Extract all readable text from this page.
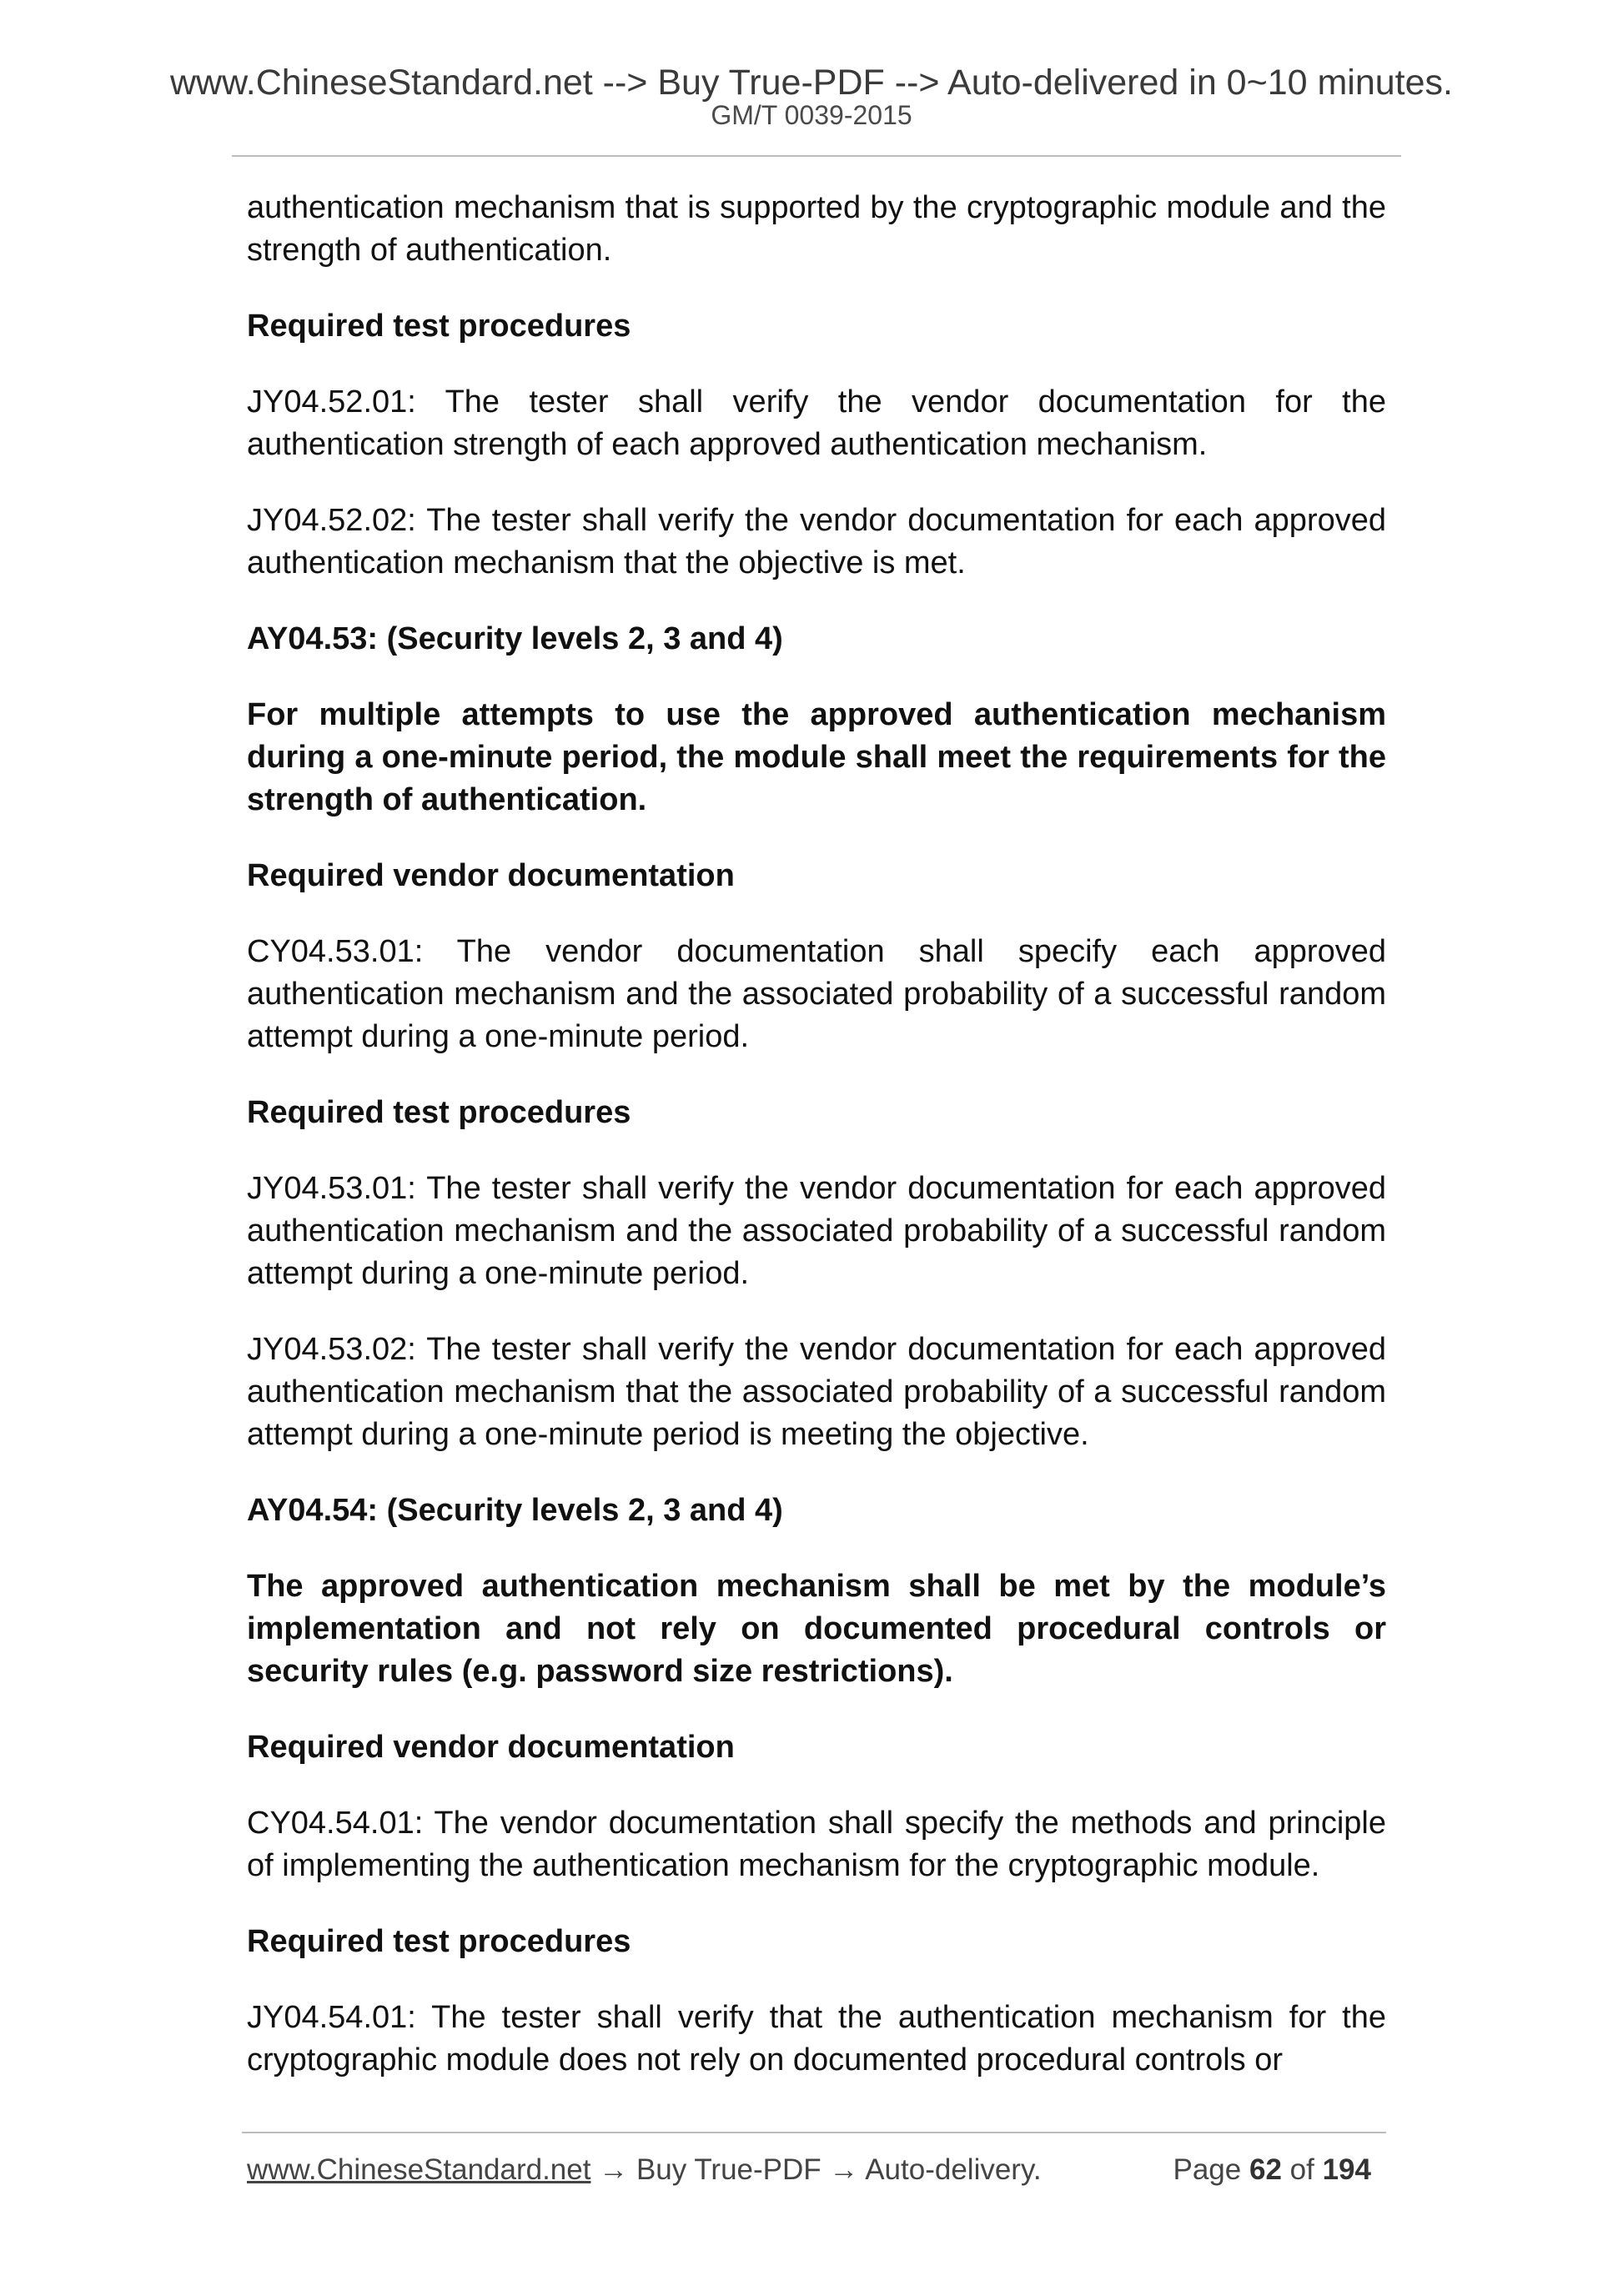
www.ChineseStandard.net --> Buy True-PDF --> Auto-delivered in 0~10 minutes.
GM/T 0039-2015

authentication mechanism that is supported by the cryptographic module and the strength of authentication.

Required test procedures

JY04.52.01: The tester shall verify the vendor documentation for the authentication strength of each approved authentication mechanism.

JY04.52.02: The tester shall verify the vendor documentation for each approved authentication mechanism that the objective is met.

AY04.53: (Security levels 2, 3 and 4)

For multiple attempts to use the approved authentication mechanism during a one-minute period, the module shall meet the requirements for the strength of authentication.

Required vendor documentation

CY04.53.01: The vendor documentation shall specify each approved authentication mechanism and the associated probability of a successful random attempt during a one-minute period.

Required test procedures

JY04.53.01: The tester shall verify the vendor documentation for each approved authentication mechanism and the associated probability of a successful random attempt during a one-minute period.

JY04.53.02: The tester shall verify the vendor documentation for each approved authentication mechanism that the associated probability of a successful random attempt during a one-minute period is meeting the objective.

AY04.54: (Security levels 2, 3 and 4)

The approved authentication mechanism shall be met by the module’s implementation and not rely on documented procedural controls or security rules (e.g. password size restrictions).

Required vendor documentation

CY04.54.01: The vendor documentation shall specify the methods and principle of implementing the authentication mechanism for the cryptographic module.

Required test procedures

JY04.54.01: The tester shall verify that the authentication mechanism for the cryptographic module does not rely on documented procedural controls or

www.ChineseStandard.net → Buy True-PDF → Auto-delivery.	Page 62 of 194
